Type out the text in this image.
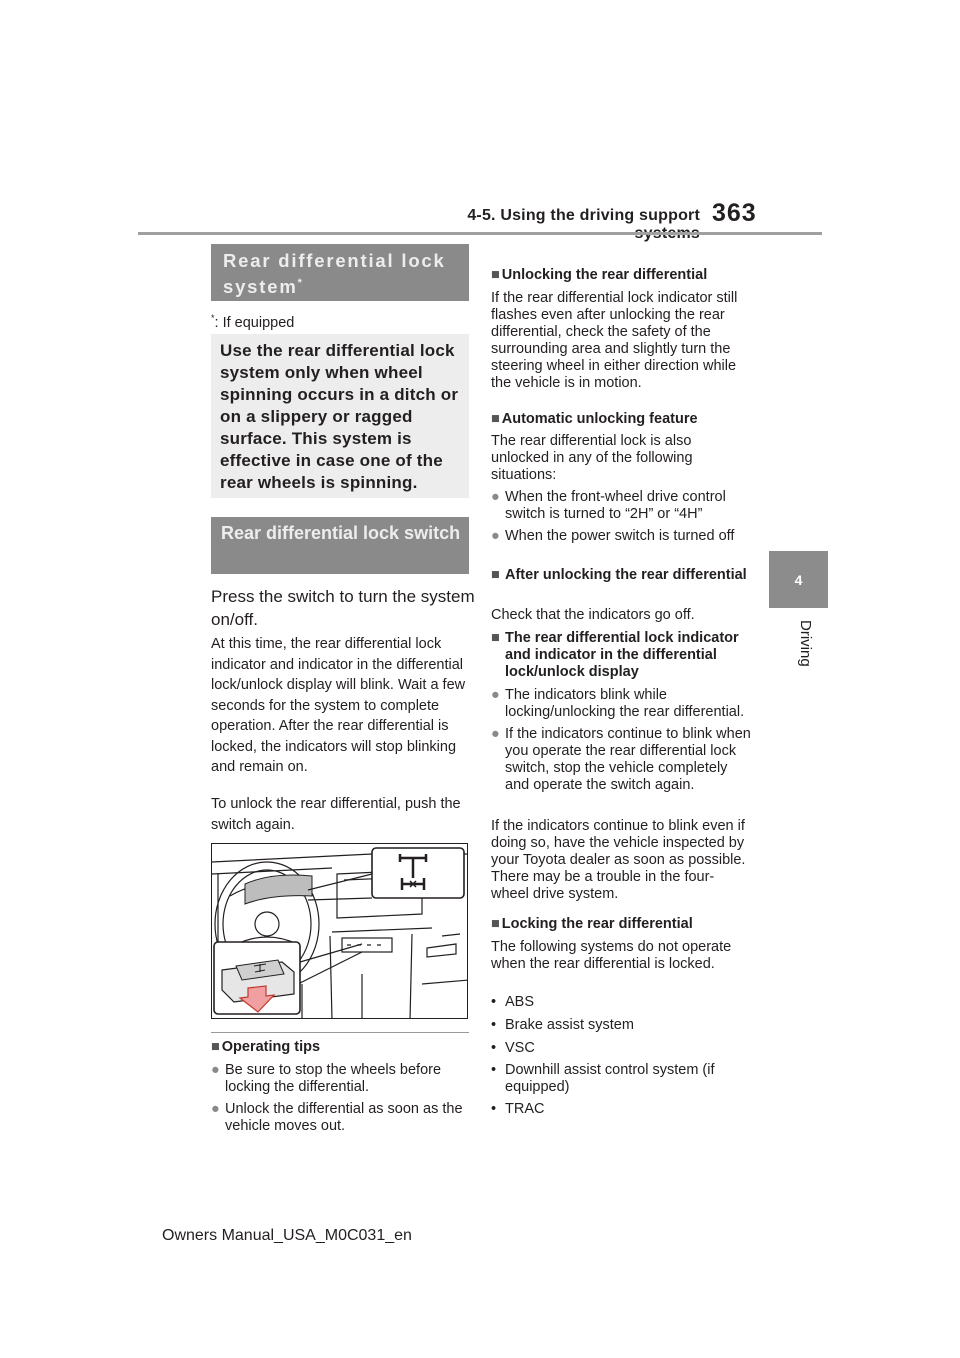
4-5. Using the driving support 363
4
Driving
Rear differential lock system*
*: If equipped
Use the rear differential lock system only when wheel spinning occurs in a ditch or on a slippery or ragged surface. This system is effective in case one of the rear wheels is spinning.
Rear differential lock switch
Press the switch to turn the system on/off.
At this time, the rear differential lock indicator and indicator in the differential lock/unlock display will blink. Wait a few seconds for the system to complete operation. After the rear differential is locked, the indicators will stop blinking and remain on.
To unlock the rear differential, push the switch again.
■ Operating tips
● Be sure to stop the wheels before locking the differential.
● Unlock the differential as soon as the vehicle moves out.
■ Unlocking the rear differential
If the rear differential lock indicator still flashes even after unlocking the rear differential, check the safety of the surrounding area and slightly turn the steering wheel in either direction while the vehicle is in motion.
■ Automatic unlocking feature
The rear differential lock is also unlocked in any of the following situations:
● When the front-wheel drive control switch is turned to “2H” or “4H”
● When the power switch is turned off
■ After unlocking the rear differential
Check that the indicators go off.
■ The rear differential lock indicator and indicator in the differential lock/unlock display
● The indicators blink while locking/unlocking the rear differential.
● If the indicators continue to blink when you operate the rear differential lock switch, stop the vehicle completely and operate the switch again.
If the indicators continue to blink even if doing so, have the vehicle inspected by your Toyota dealer as soon as possible. There may be a trouble in the four-wheel drive system.
■ Locking the rear differential
The following systems do not operate when the rear differential is locked.
• ABS
• Brake assist system
• VSC
• Downhill assist control system (if equipped)
• TRAC
Owners Manual_USA_M0C031_en
